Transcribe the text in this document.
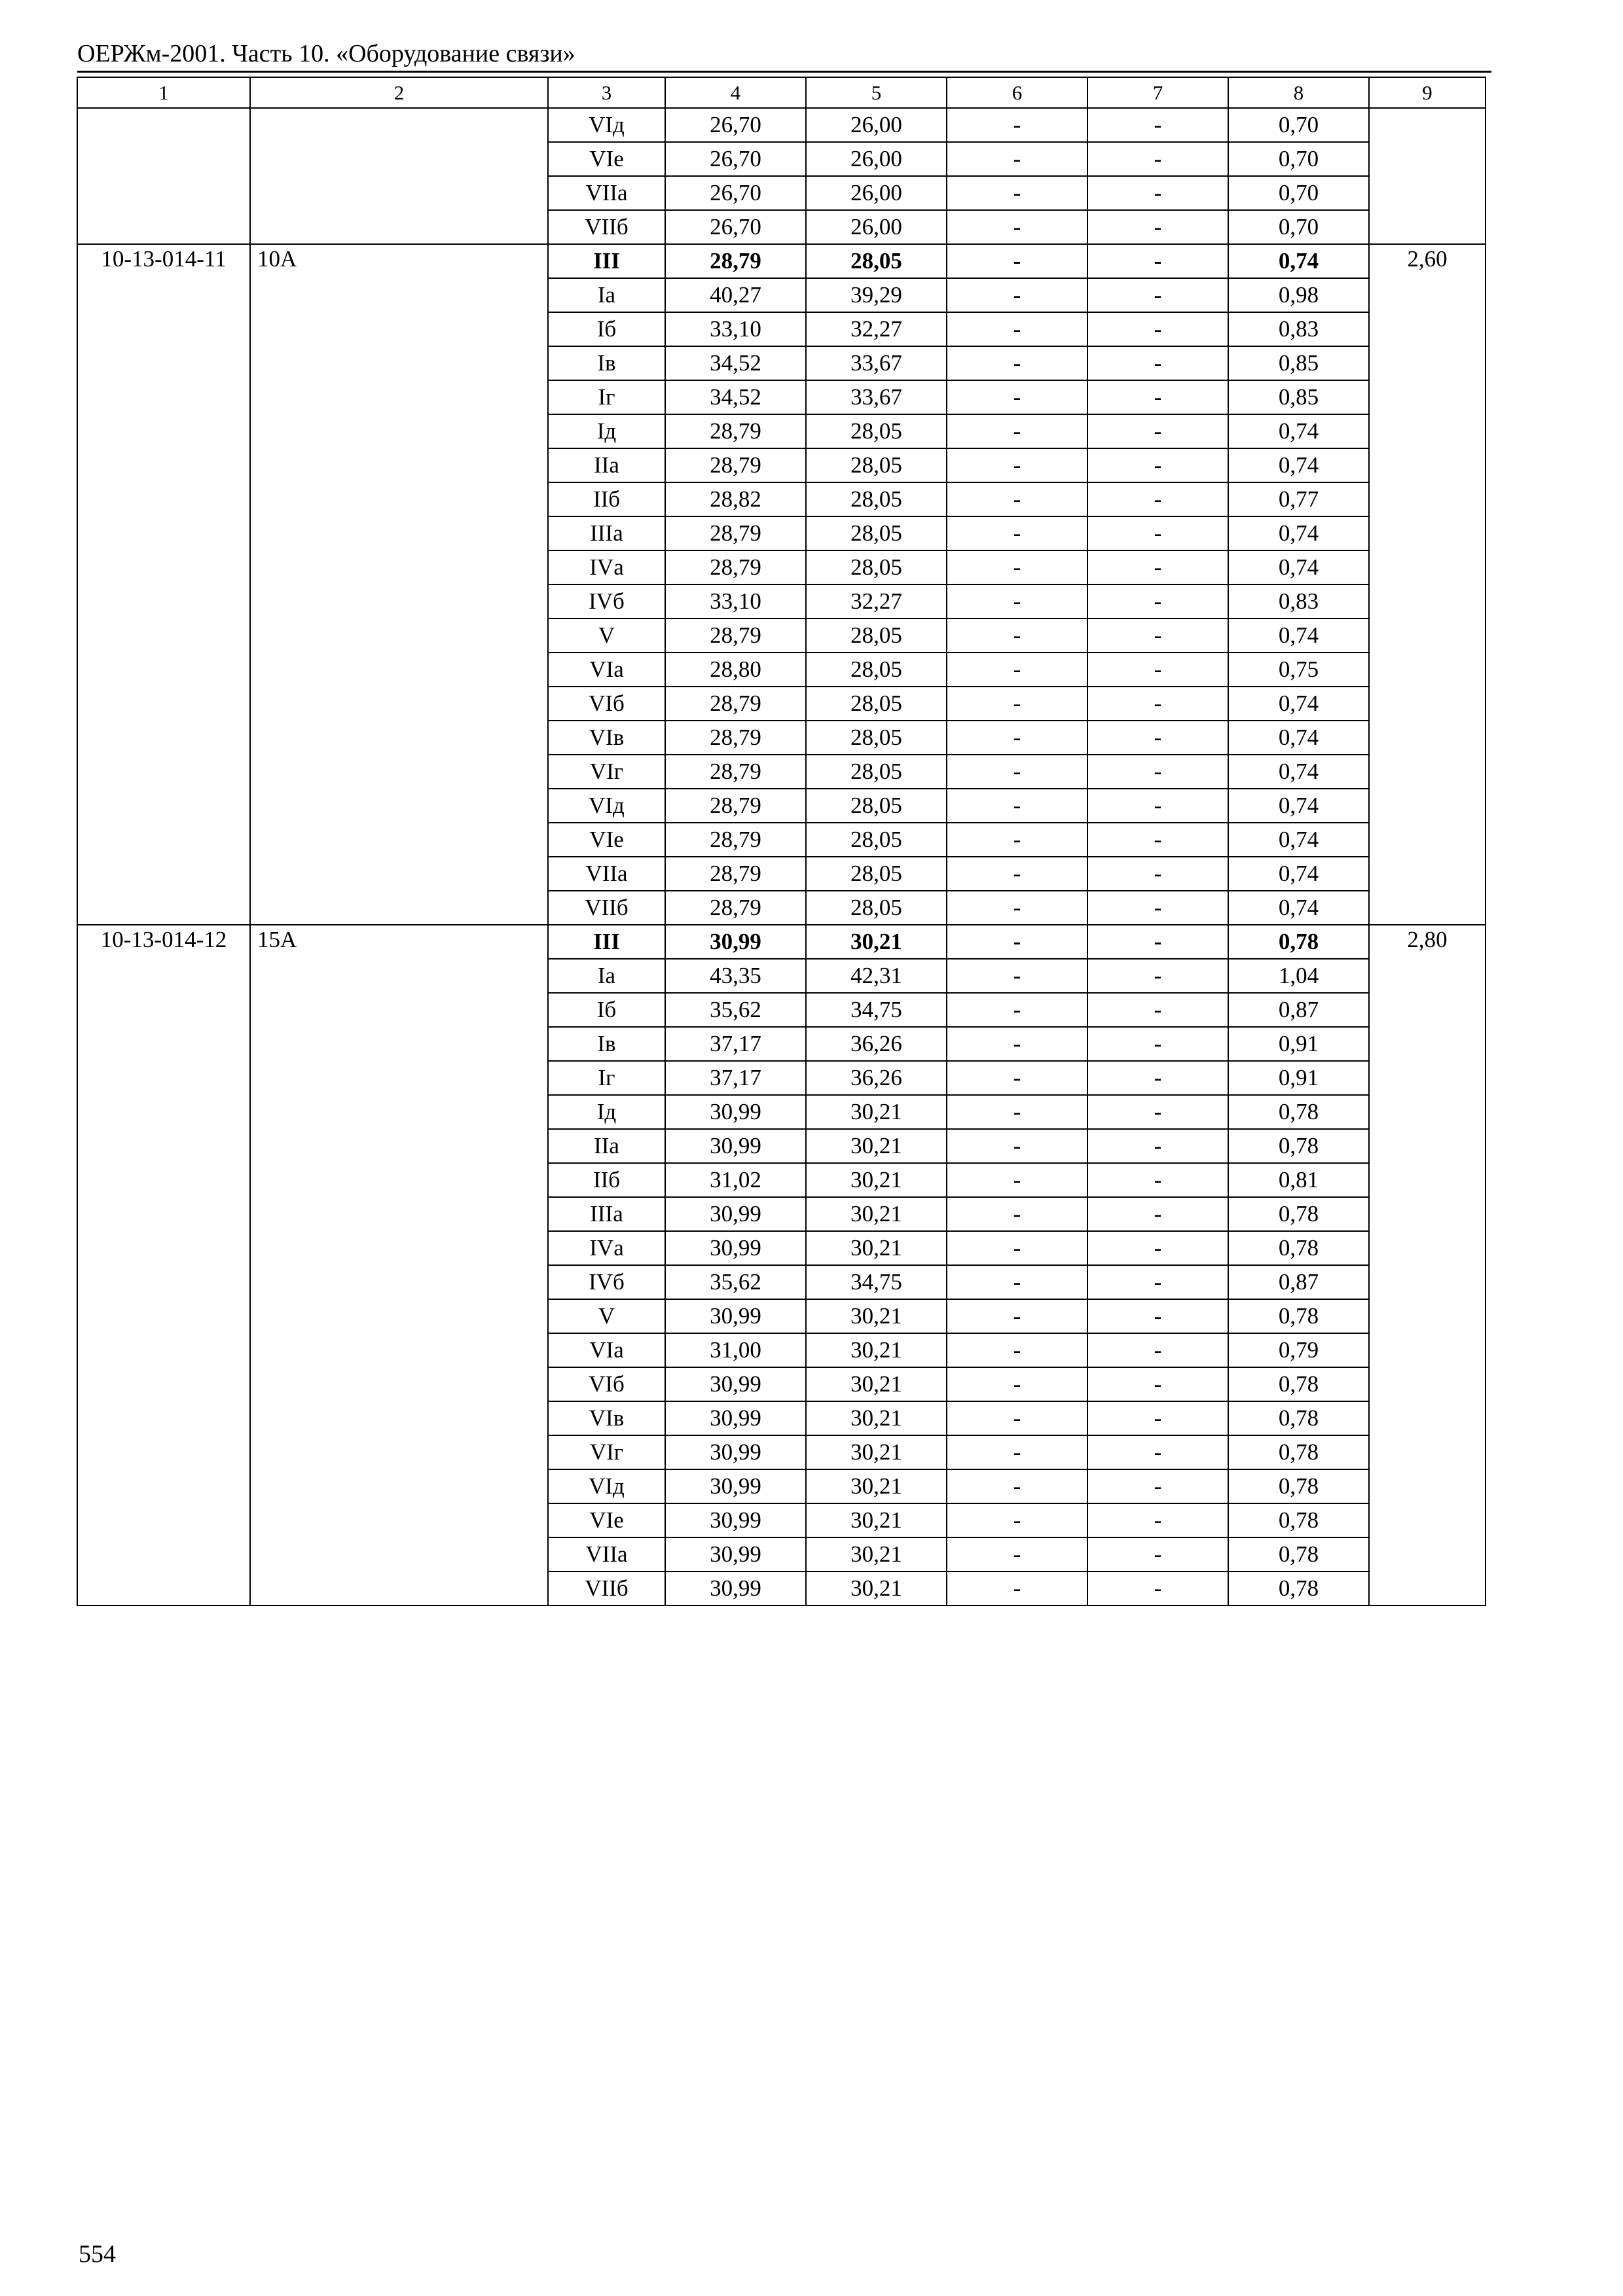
ОЕРЖм-2001. Часть 10. «Оборудование связи»
1	2	3	4	5	6	7	8	9
		VIд	26,70	26,00	-	-	0,70	
		VIе	26,70	26,00	-	-	0,70	
		VIIа	26,70	26,00	-	-	0,70	
		VIIб	26,70	26,00	-	-	0,70	
10-13-014-11	10А	III	28,79	28,05	-	-	0,74	2,60
		Iа	40,27	39,29	-	-	0,98	
		Iб	33,10	32,27	-	-	0,83	
		Iв	34,52	33,67	-	-	0,85	
		Iг	34,52	33,67	-	-	0,85	
		Iд	28,79	28,05	-	-	0,74	
		IIа	28,79	28,05	-	-	0,74	
		IIб	28,82	28,05	-	-	0,77	
		IIIа	28,79	28,05	-	-	0,74	
		IVа	28,79	28,05	-	-	0,74	
		IVб	33,10	32,27	-	-	0,83	
		V	28,79	28,05	-	-	0,74	
		VIа	28,80	28,05	-	-	0,75	
		VIб	28,79	28,05	-	-	0,74	
		VIв	28,79	28,05	-	-	0,74	
		VIг	28,79	28,05	-	-	0,74	
		VIд	28,79	28,05	-	-	0,74	
		VIе	28,79	28,05	-	-	0,74	
		VIIа	28,79	28,05	-	-	0,74	
		VIIб	28,79	28,05	-	-	0,74	
10-13-014-12	15А	III	30,99	30,21	-	-	0,78	2,80
		Iа	43,35	42,31	-	-	1,04	
		Iб	35,62	34,75	-	-	0,87	
		Iв	37,17	36,26	-	-	0,91	
		Iг	37,17	36,26	-	-	0,91	
		Iд	30,99	30,21	-	-	0,78	
		IIа	30,99	30,21	-	-	0,78	
		IIб	31,02	30,21	-	-	0,81	
		IIIа	30,99	30,21	-	-	0,78	
		IVа	30,99	30,21	-	-	0,78	
		IVб	35,62	34,75	-	-	0,87	
		V	30,99	30,21	-	-	0,78	
		VIа	31,00	30,21	-	-	0,79	
		VIб	30,99	30,21	-	-	0,78	
		VIв	30,99	30,21	-	-	0,78	
		VIг	30,99	30,21	-	-	0,78	
		VIд	30,99	30,21	-	-	0,78	
		VIе	30,99	30,21	-	-	0,78	
		VIIа	30,99	30,21	-	-	0,78	
		VIIб	30,99	30,21	-	-	0,78	
554
